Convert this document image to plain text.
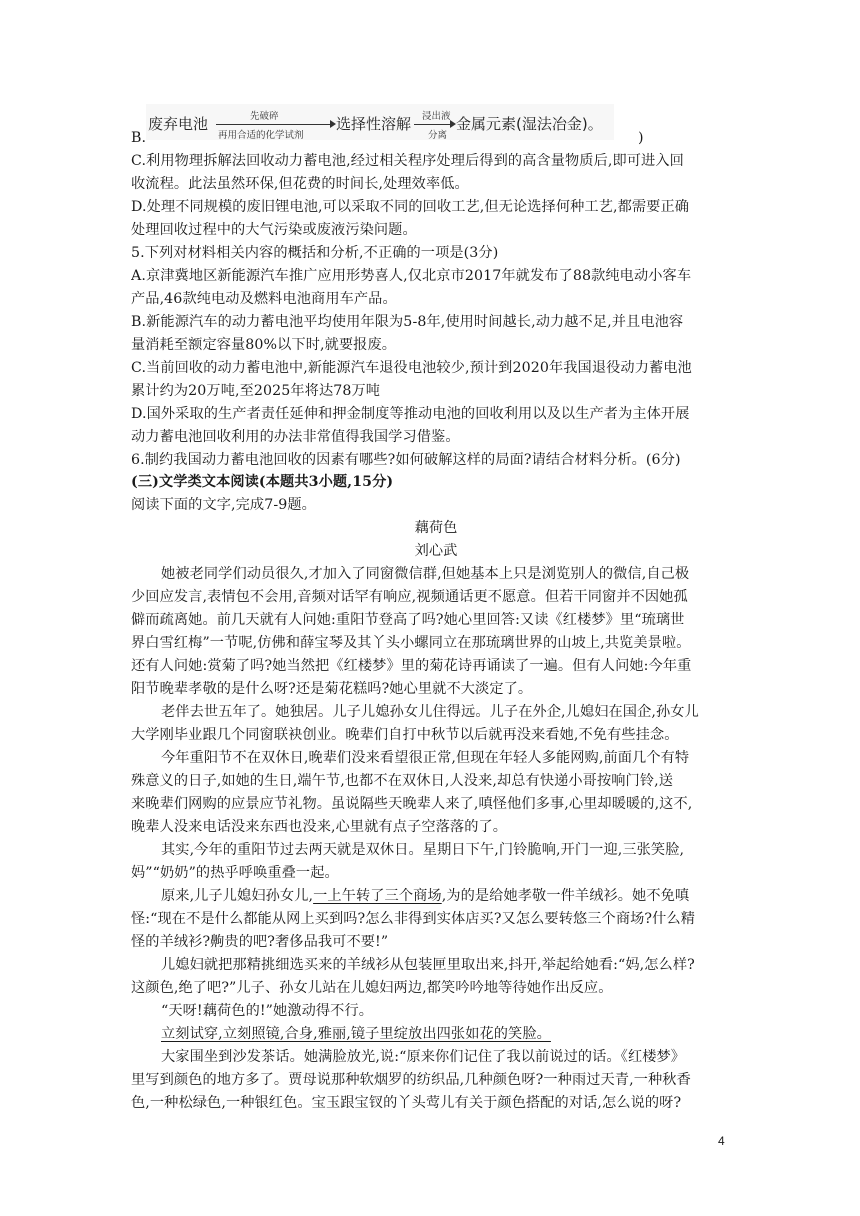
B.
废弃电池	先破碎
再用合适的化学试剂
选择性溶解 浸出液
分离
金属元素(湿法冶金)。
)
C.利用物理拆解法回收动力蓄电池,经过相关程序处理后得到的高含量物质后,即可进入回
收流程。此法虽然环保,但花费的时间长,处理效率低。
D.处理不同规模的废旧锂电池,可以采取不同的回收工艺,但无论选择何种工艺,都需要正确
处理回收过程中的大气污染或废液污染问题。
5.下列对材料相关内容的概括和分析,不正确的一项是(3分)
A.京津冀地区新能源汽车推广应用形势喜人,仅北京市2017年就发布了88款纯电动小客车
产品,46款纯电动及燃料电池商用车产品。
B.新能源汽车的动力蓄电池平均使用年限为5-8年,使用时间越长,动力越不足,并且电池容
量消耗至额定容量80%以下时,就要报废。
C.当前回收的动力蓄电池中,新能源汽车退役电池较少,预计到2020年我国退役动力蓄电池
累计约为20万吨,至2025年将达78万吨
D.国外采取的生产者责任延伸和押金制度等推动电池的回收利用以及以生产者为主体开展
动力蓄电池回收利用的办法非常值得我国学习借鉴。
6.制约我国动力蓄电池回收的因素有哪些?如何破解这样的局面?请结合材料分析。(6分)
(三)文学类文本阅读(本题共3小题,15分)
阅读下面的文字,完成7-9题。
藕荷色
刘心武
她被老同学们动员很久,才加入了同窗微信群,但她基本上只是浏览别人的微信,自己极
少回应发言,表情包不会用,音频对话罕有响应,视频通话更不愿意。但若干同窗并不因她孤
僻而疏离她。前几天就有人问她:重阳节登高了吗?她心里回答:又读《红楼梦》里“琉璃世
界白雪红梅”一节呢,仿佛和薛宝琴及其丫头小螺同立在那琉璃世界的山坡上,共览美景啦。
还有人问她:赏菊了吗?她当然把《红楼梦》里的菊花诗再诵读了一遍。但有人问她:今年重
阳节晚辈孝敬的是什么呀?还是菊花糕吗?她心里就不大淡定了。
老伴去世五年了。她独居。儿子儿媳孙女儿住得远。儿子在外企,儿媳妇在国企,孙女儿
大学刚毕业跟几个同窗联袂创业。晚辈们自打中秋节以后就再没来看她,不免有些挂念。
今年重阳节不在双休日,晚辈们没来看望很正常,但现在年轻人多能网购,前面几个有特
殊意义的日子,如她的生日,端午节,也都不在双休日,人没来,却总有快递小哥按响门铃,送
来晚辈们网购的应景应节礼物。虽说隔些天晚辈人来了,嗔怪他们多事,心里却暖暖的,这不,
晚辈人没来电话没来东西也没来,心里就有点子空落落的了。
其实,今年的重阳节过去两天就是双休日。星期日下午,门铃脆响,开门一迎,三张笑脸,
妈”“奶奶”的热乎呼唤重叠一起。
原来,儿子儿媳妇孙女儿,一上午转了三个商场,为的是给她孝敬一件羊绒衫。她不免嗔
怪:“现在不是什么都能从网上买到吗?怎么非得到实体店买?又怎么要转悠三个商场?什么精
怪的羊绒衫?齁贵的吧?奢侈品我可不要!”
儿媳妇就把那精挑细选买来的羊绒衫从包装匣里取出来,抖开,举起给她看:“妈,怎么样?
这颜色,绝了吧?”儿子、孙女儿站在儿媳妇两边,都笑吟吟地等待她作出反应。
“天呀!藕荷色的!”她激动得不行。
立刻试穿,立刻照镜,合身,雅丽,镜子里绽放出四张如花的笑脸。
大家围坐到沙发茶话。她满脸放光,说:“原来你们记住了我以前说过的话。《红楼梦》
里写到颜色的地方多了。贾母说那种软烟罗的纺织品,几种颜色呀?一种雨过天青,一种秋香
色,一种松绿色,一种银红色。宝玉跟宝钗的丫头莺儿有关于颜色搭配的对话,怎么说的呀?
4
